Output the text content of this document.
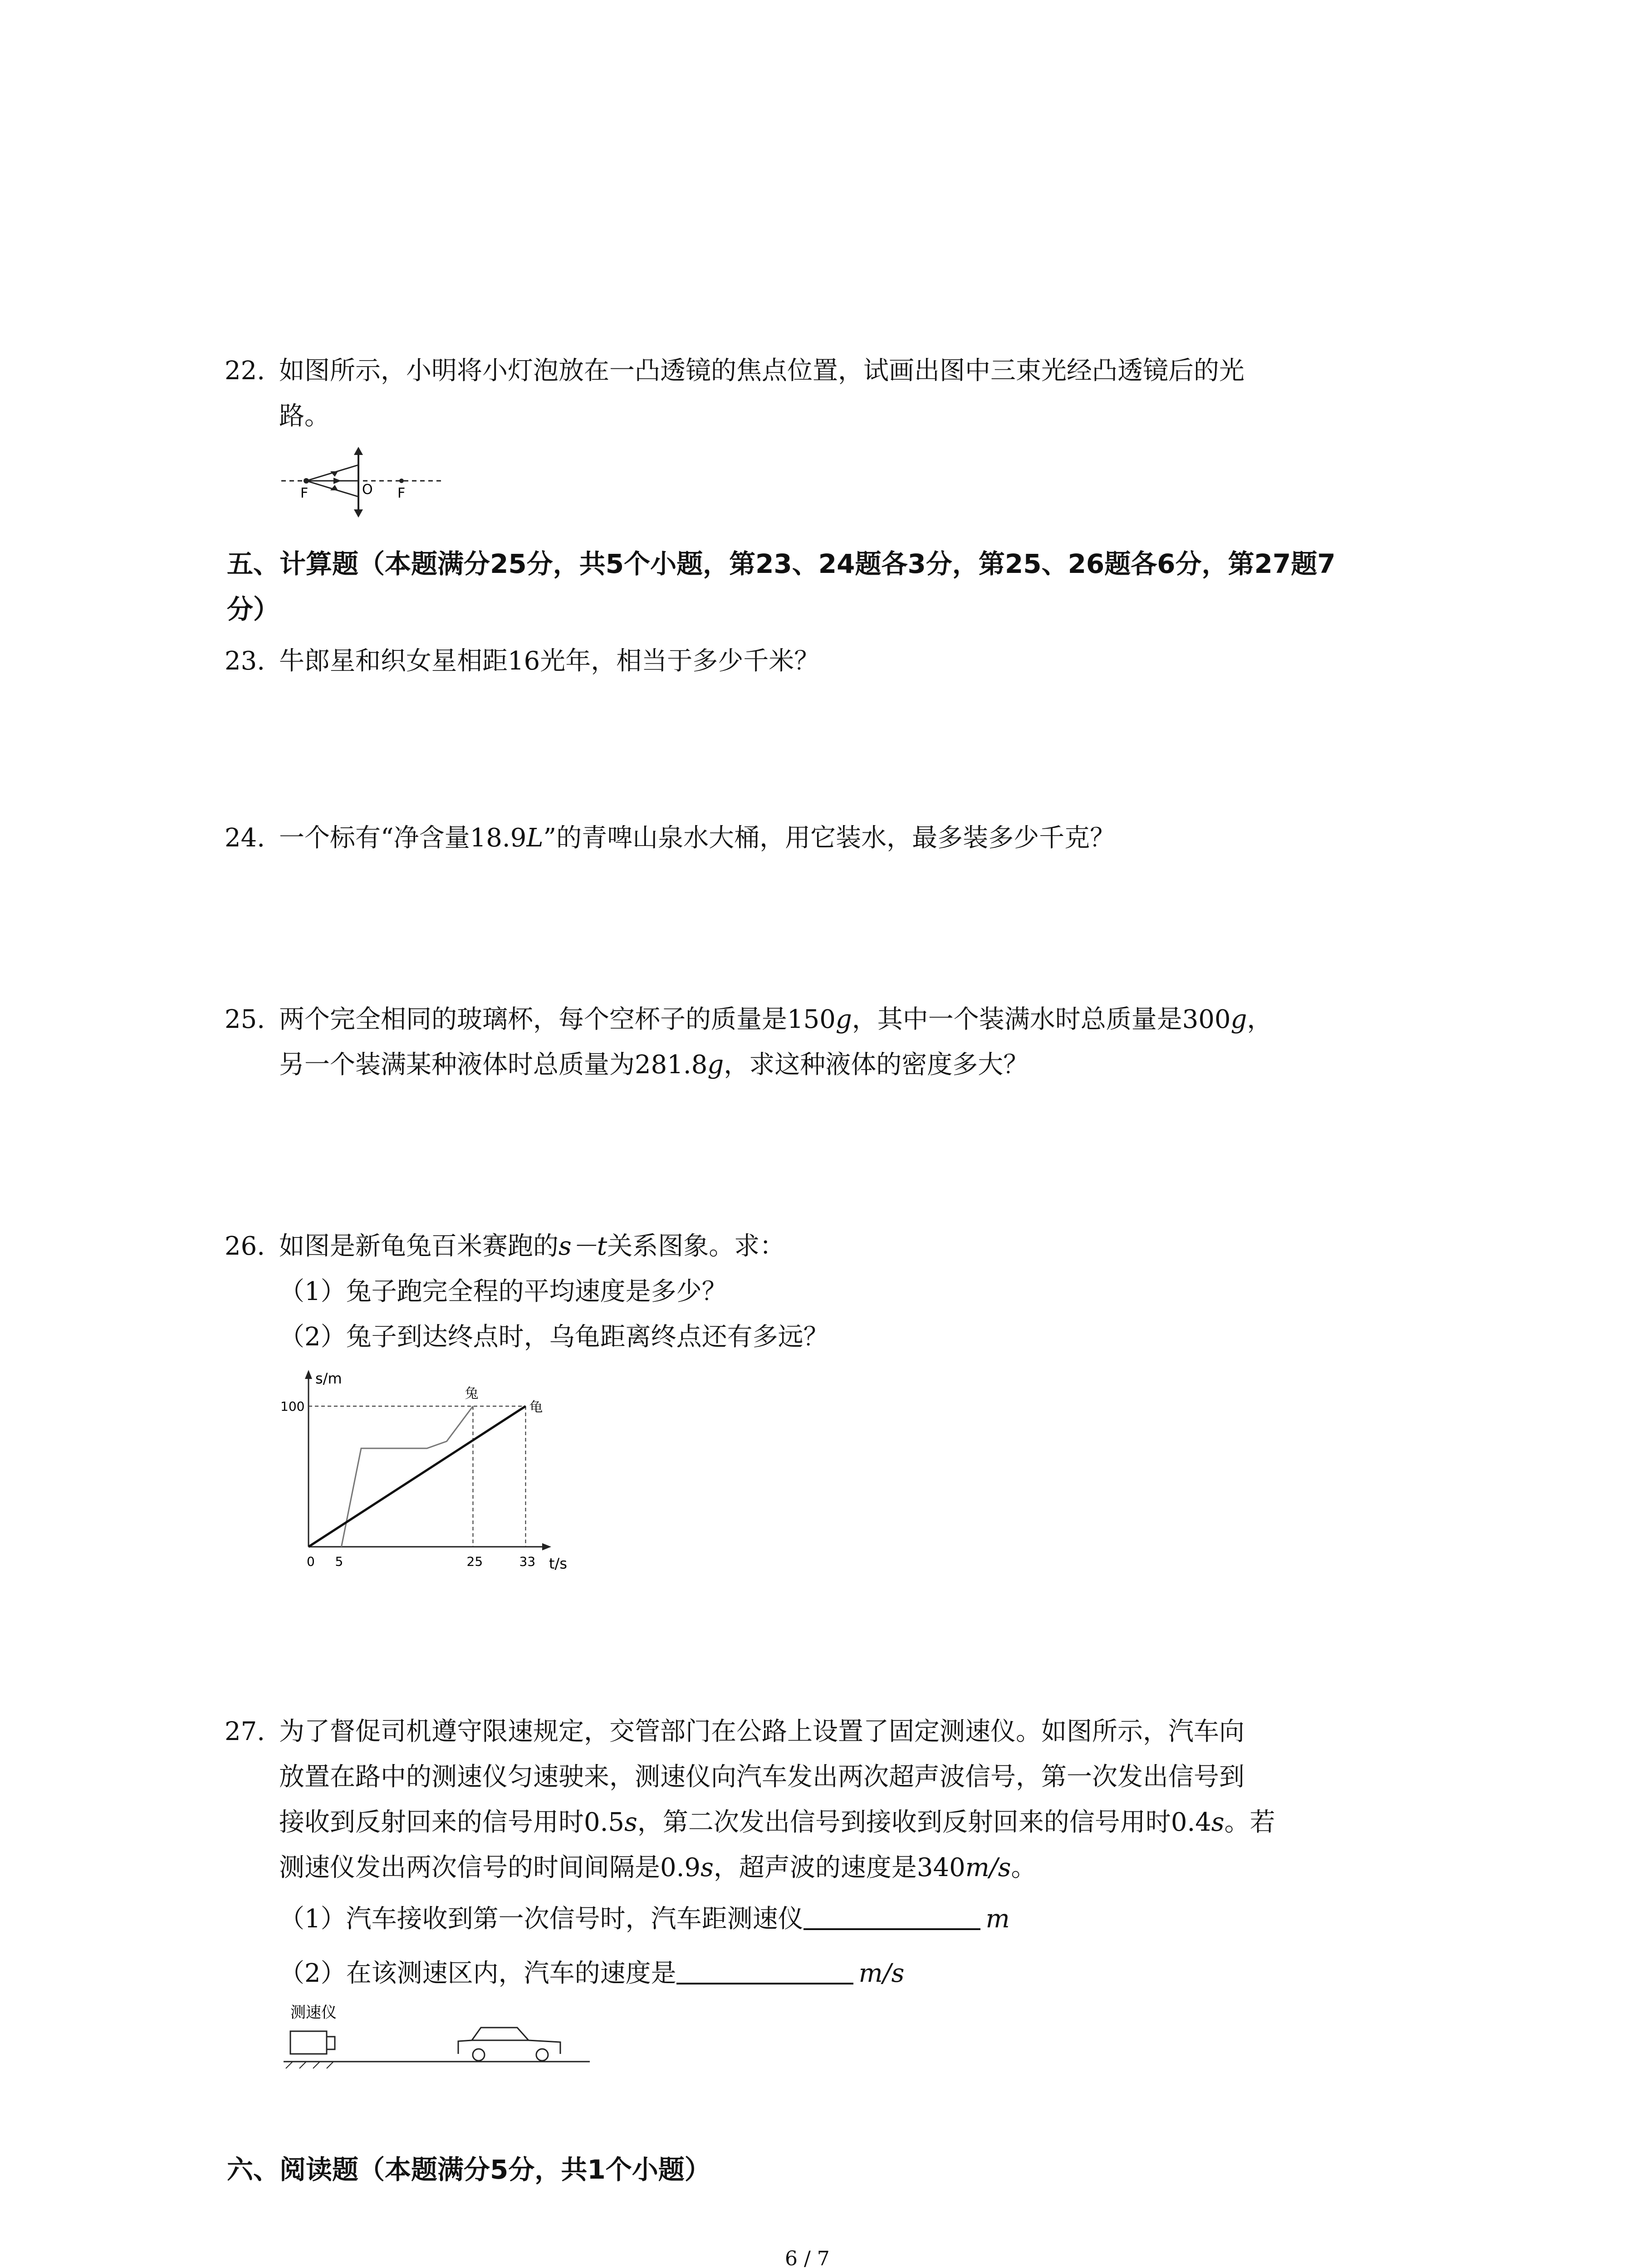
22. 如图所示，小明将小灯泡放在一凸透镜的焦点位置，试画出图中三束光经凸透镜后的光
路。
F	O F
五、计算题（本题满分25分，共5个小题，第23、24题各3分，第25、26题各6分，第27题7
分）
23. 牛郎星和织女星相距16光年，相当于多少千米？
24. 一个标有“净含量18.9L”的青啤山泉水大桶，用它装水，最多装多少千克？
25. 两个完全相同的玻璃杯，每个空杯子的质量是150g，其中一个装满水时总质量是300g，
另一个装满某种液体时总质量为281.8g，求这种液体的密度多大？
26. 如图是新龟兔百米赛跑的s－t关系图象。求：
（1）兔子跑完全程的平均速度是多少？
（2）兔子到达终点时，乌龟距离终点还有多远？
s/m
t/s
兔
龟
0 5	25	33
100
27. 为了督促司机遵守限速规定，交管部门在公路上设置了固定测速仪。如图所示，汽车向
放置在路中的测速仪匀速驶来，测速仪向汽车发出两次超声波信号，第一次发出信号到
接收到反射回来的信号用时0.5s，第二次发出信号到接收到反射回来的信号用时0.4s。若
测速仪发出两次信号的时间间隔是0.9s，超声波的速度是340m/s。
（1）汽车接收到第一次信号时，汽车距测速仪	m
（2）在该测速区内，汽车的速度是	m/s
测速仪
六、阅读题（本题满分5分，共1个小题）
6 / 7
